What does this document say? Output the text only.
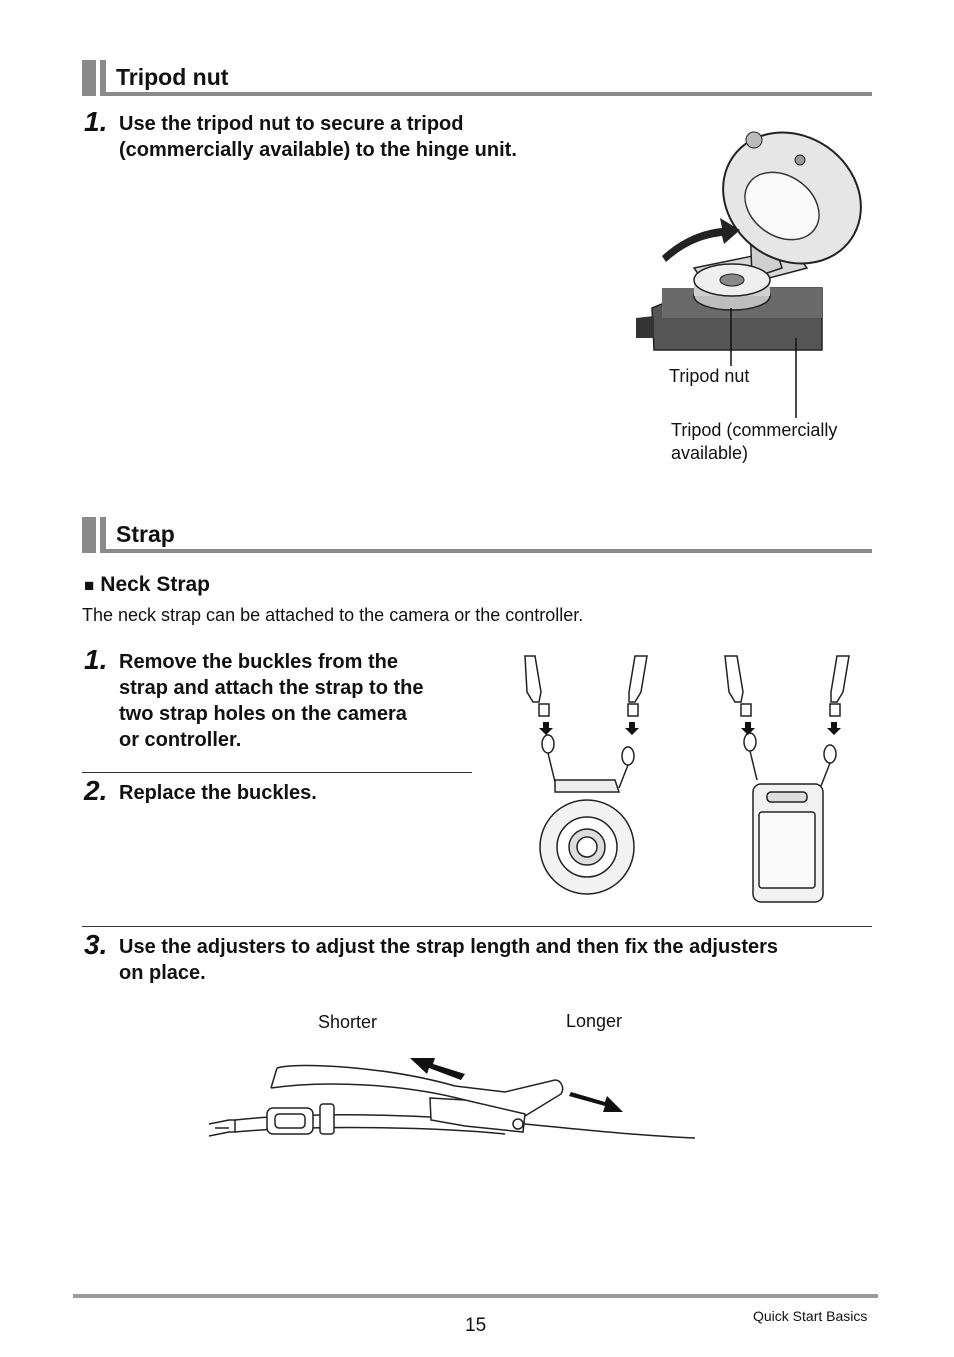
Tripod nut
1. Use the tripod nut to secure a tripod
(commercially available) to the hinge unit.
Tripod nut
Tripod (commercially
available)
Strap
■ Neck Strap
The neck strap can be attached to the camera or the controller.
1. Remove the buckles from the
strap and attach the strap to the
two strap holes on the camera
or controller.
2. Replace the buckles.
3. Use the adjusters to adjust the strap length and then fix the adjusters
on place.
Shorter	Longer
15	Quick Start Basics
